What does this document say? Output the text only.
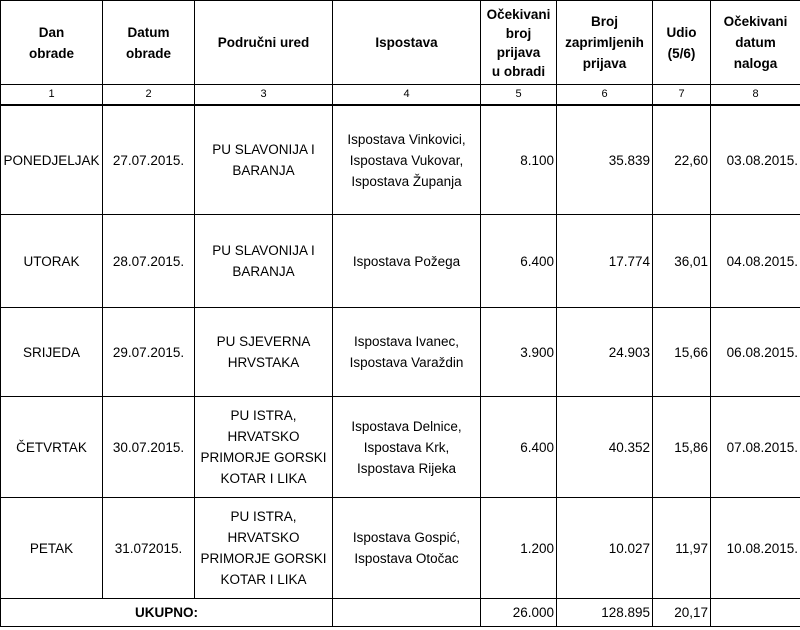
Dan
obrade	Datum
obrade	Područni ured	Ispostava	Očekivani
broj
prijava
u obradi	Broj
zaprimljenih
prijava	Udio
(5/6)	Očekivani
datum
naloga
1	2	3	4	5	6	7	8
PONEDJELJAK	27.07.2015.	PU SLAVONIJA I
BARANJA	Ispostava Vinkovici,
Ispostava Vukovar,
Ispostava Županja	8.100	35.839	22,60	03.08.2015.
UTORAK	28.07.2015.	PU SLAVONIJA I
BARANJA	Ispostava Požega	6.400	17.774	36,01	04.08.2015.
SRIJEDA	29.07.2015.	PU SJEVERNA
HRVSTAKA	Ispostava Ivanec,
Ispostava Varaždin	3.900	24.903	15,66	06.08.2015.
ČETVRTAK	30.07.2015.	PU ISTRA,
HRVATSKO
PRIMORJE GORSKI
KOTAR I LIKA	Ispostava Delnice,
Ispostava Krk,
Ispostava Rijeka	6.400	40.352	15,86	07.08.2015.
PETAK	31.072015.	PU ISTRA,
HRVATSKO
PRIMORJE GORSKI
KOTAR I LIKA	Ispostava Gospić,
Ispostava Otočac	1.200	10.027	11,97	10.08.2015.
UKUPNO:				26.000	128.895	20,17	
